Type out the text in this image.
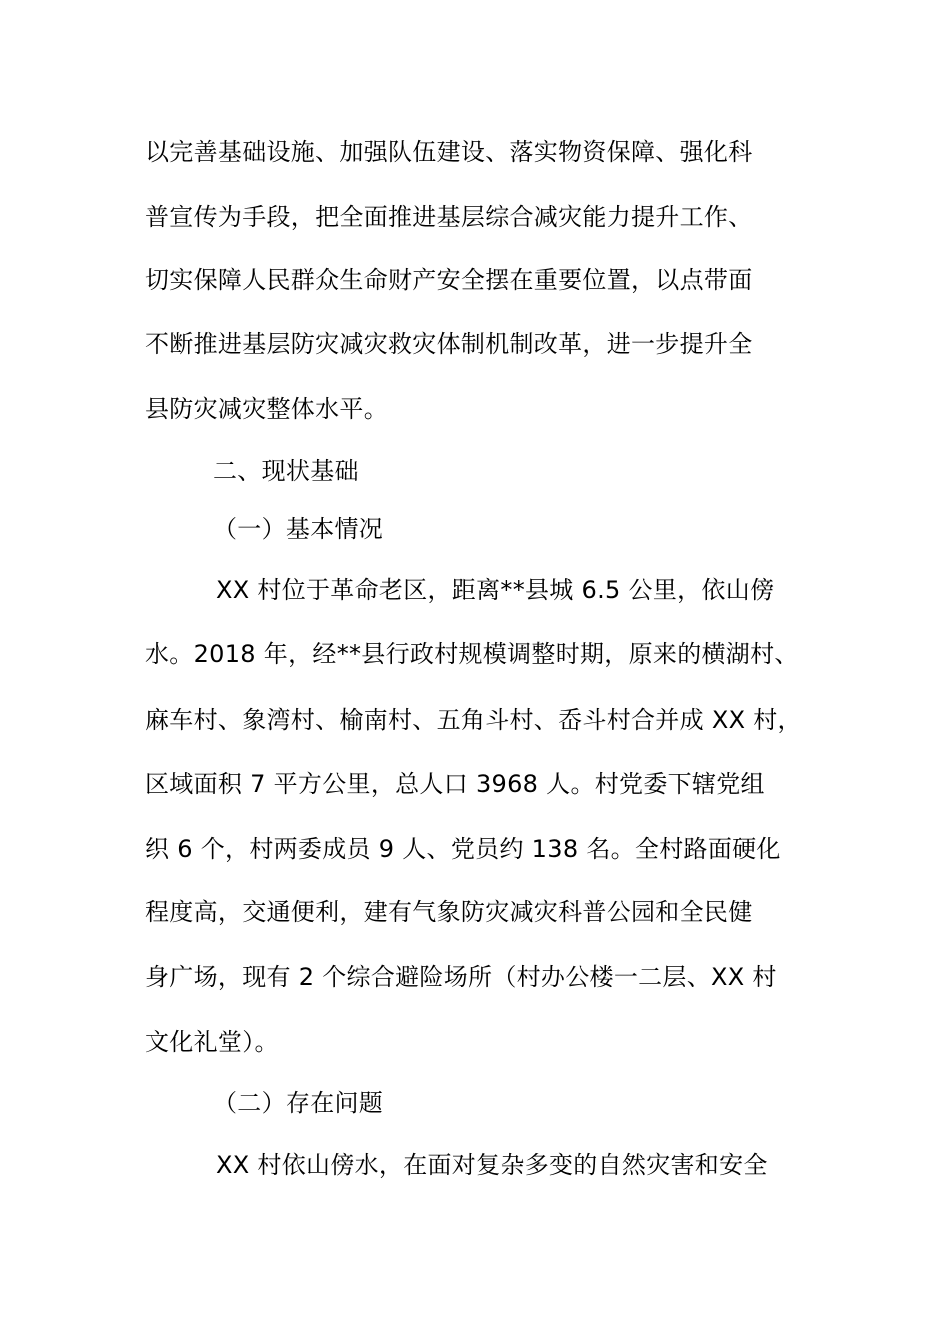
以完善基础设施、加强队伍建设、落实物资保障、强化科
普宣传为手段，把全面推进基层综合减灾能力提升工作、
切实保障人民群众生命财产安全摆在重要位置，以点带面
不断推进基层防灾减灾救灾体制机制改革，进一步提升全
县防灾减灾整体水平。
二、现状基础
（一）基本情况
XX 村位于革命老区，距离**县城 6.5 公里，依山傍
水。2018 年，经**县行政村规模调整时期，原来的横湖村、
麻车村、象湾村、榆南村、五角斗村、岙斗村合并成 XX 村，
区域面积 7 平方公里，总人口 3968 人。村党委下辖党组
织 6 个，村两委成员 9 人、党员约 138 名。全村路面硬化
程度高，交通便利，建有气象防灾减灾科普公园和全民健
身广场，现有 2 个综合避险场所（村办公楼一二层、XX 村
文化礼堂）。
（二）存在问题
XX 村依山傍水，在面对复杂多变的自然灾害和安全
